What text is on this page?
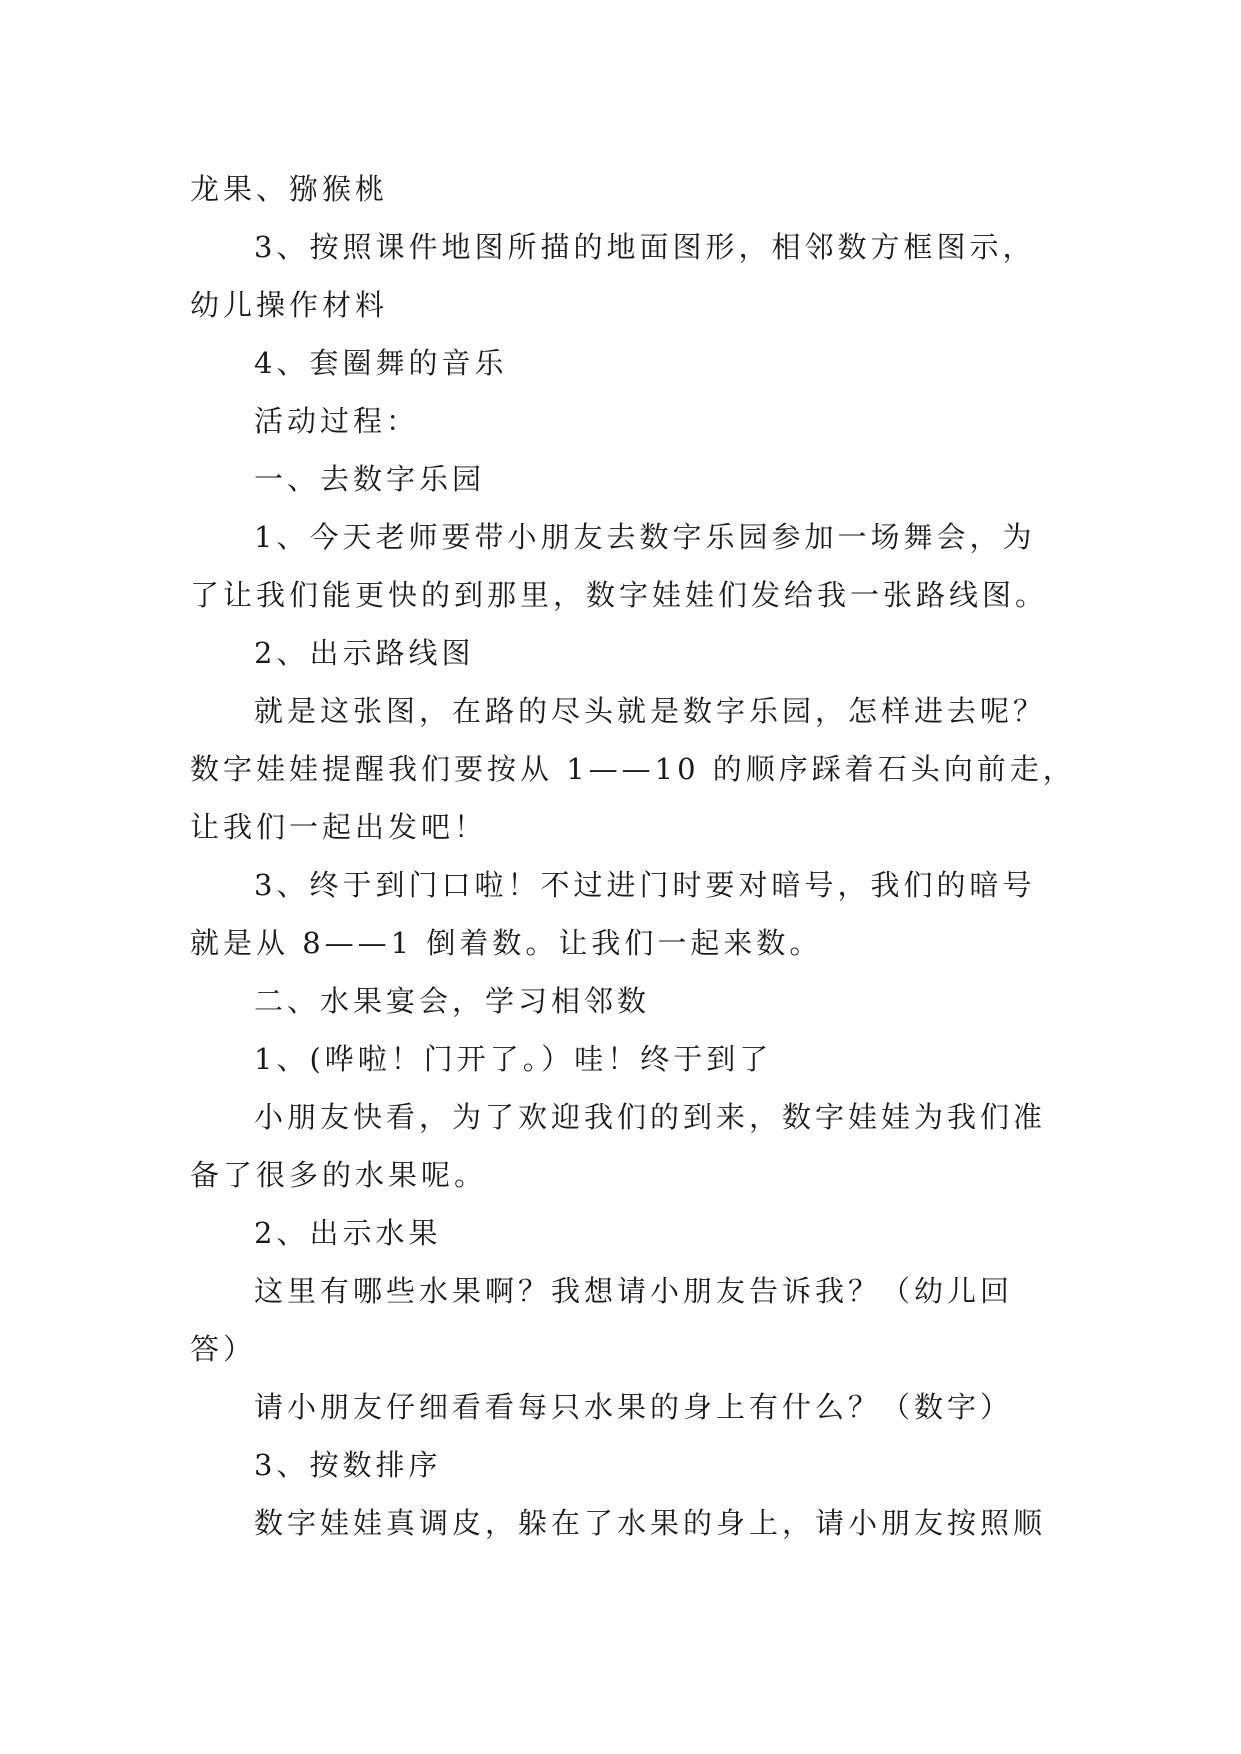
龙果、猕猴桃

3、按照课件地图所描的地面图形，相邻数方框图示，

幼儿操作材料

4、套圈舞的音乐

活动过程：

一、去数字乐园

1、今天老师要带小朋友去数字乐园参加一场舞会，为

了让我们能更快的到那里，数字娃娃们发给我一张路线图。

2、出示路线图

就是这张图，在路的尽头就是数字乐园，怎样进去呢？

数字娃娃提醒我们要按从 1——10 的顺序踩着石头向前走，

让我们一起出发吧！

3、终于到门口啦！不过进门时要对暗号，我们的暗号

就是从 8——1 倒着数。让我们一起来数。

二、水果宴会，学习相邻数

1、(哗啦！门开了。）哇！终于到了

小朋友快看，为了欢迎我们的到来，数字娃娃为我们准

备了很多的水果呢。

2、出示水果

这里有哪些水果啊？我想请小朋友告诉我？（幼儿回

答）

请小朋友仔细看看每只水果的身上有什么？（数字）

3、按数排序

数字娃娃真调皮，躲在了水果的身上，请小朋友按照顺
